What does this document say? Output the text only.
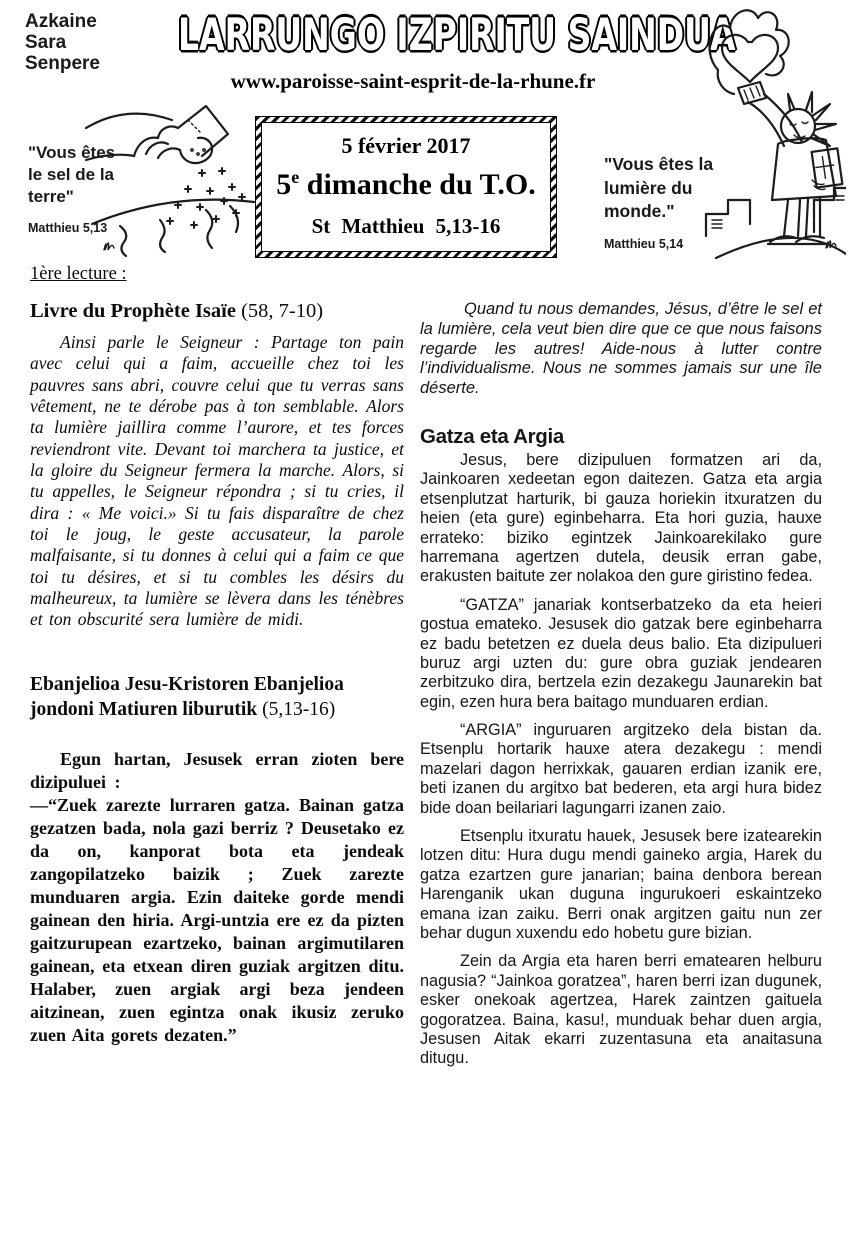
Azkaine
Sara
Senpere
LARRUNGO IZPIRITU SAINDUA
www.paroisse-saint-esprit-de-la-rhune.fr
"Vous êtes le sel de la terre"
Matthieu 5,13
5 février 2017
5e dimanche du T.O.
St Matthieu 5,13-16
"Vous êtes la lumière du monde."
Matthieu 5,14
1ère lecture :
Livre du Prophète Isaïe (58, 7-10)
Ainsi parle le Seigneur : Partage ton pain avec celui qui a faim, accueille chez toi les pauvres sans abri, couvre celui que tu verras sans vêtement, ne te dérobe pas à ton semblable. Alors ta lumière jaillira comme l’aurore, et tes forces reviendront vite. Devant toi marchera ta justice, et la gloire du Seigneur fermera la marche. Alors, si tu appelles, le Seigneur répondra ; si tu cries, il dira : « Me voici.» Si tu fais disparaître de chez toi le joug, le geste accusateur, la parole malfaisante, si tu donnes à celui qui a faim ce que toi tu désires, et si tu combles les désirs du malheureux, ta lumière se lèvera dans les ténèbres et ton obscurité sera lumière de midi.
Ebanjelioa Jesu-Kristoren Ebanjelioa jondoni Matiuren liburutik (5,13-16)
Egun hartan, Jesusek erran zioten bere dizipuluei :
—“Zuek zarezte lurraren gatza. Bainan gatza gezatzen bada, nola gazi berriz ? Deusetako ez da on, kanporat bota eta jendeak zangopilatzeko baizik ; Zuek zarezte munduaren argia. Ezin daiteke gorde mendi gainean den hiria. Argi-untzia ere ez da pizten gaitzurupean ezartzeko, bainan argimutilaren gainean, eta etxean diren guziak argitzen ditu. Halaber, zuen argiak argi beza jendeen aitzinean, zuen egintza onak ikusiz zeruko zuen Aita gorets dezaten.”
Quand tu nous demandes, Jésus, d’être le sel et la lumière, cela veut bien dire que ce que nous faisons regarde les autres! Aide-nous à lutter contre l’individualisme. Nous ne sommes jamais sur une île déserte.
Gatza eta Argia
Jesus, bere dizipuluen formatzen ari da, Jainkoaren xedeetan egon daitezen. Gatza eta argia etsenplutzat harturik, bi gauza horiekin itxuratzen du heien (eta gure) eginbeharra. Eta hori guzia, hauxe errateko: biziko egintzek Jainkoarekilako gure harremana agertzen dutela, deusik erran gabe, erakusten baitute zer nolakoa den gure giristino fedea.
“GATZA” janariak kontserbatzeko da eta heieri gostua emateko. Jesusek dio gatzak bere eginbeharra ez badu betetzen ez duela deus balio. Eta dizipulueri buruz argi uzten du: gure obra guziak jendearen zerbitzuko dira, bertzela ezin dezakegu Jaunarekin bat egin, ezen hura bera baitago munduaren erdian.
“ARGIA” inguruaren argitzeko dela bistan da. Etsenplu hortarik hauxe atera dezakegu : mendi mazelari dagon herrixkak, gauaren erdian izanik ere, beti izanen du argitxo bat bederen, eta argi hura bidez bide doan beilariari lagungarri izanen zaio.
Etsenplu itxuratu hauek, Jesusek bere izatearekin lotzen ditu: Hura dugu mendi gaineko argia, Harek du gatza ezartzen gure janarian; baina denbora berean Harenganik ukan duguna ingurukoeri eskaintzeko emana izan zaiku. Berri onak argitzen gaitu nun zer behar dugun xuxendu edo hobetu gure bizian.
Zein da Argia eta haren berri ematearen helburu nagusia? “Jainkoa goratzea”, haren berri izan dugunek, esker onekoak agertzea, Harek zaintzen gaituela gogoratzea. Baina, kasu!, munduak behar duen argia, Jesusen Aitak ekarri zuzentasuna eta anaitasuna ditugu.
